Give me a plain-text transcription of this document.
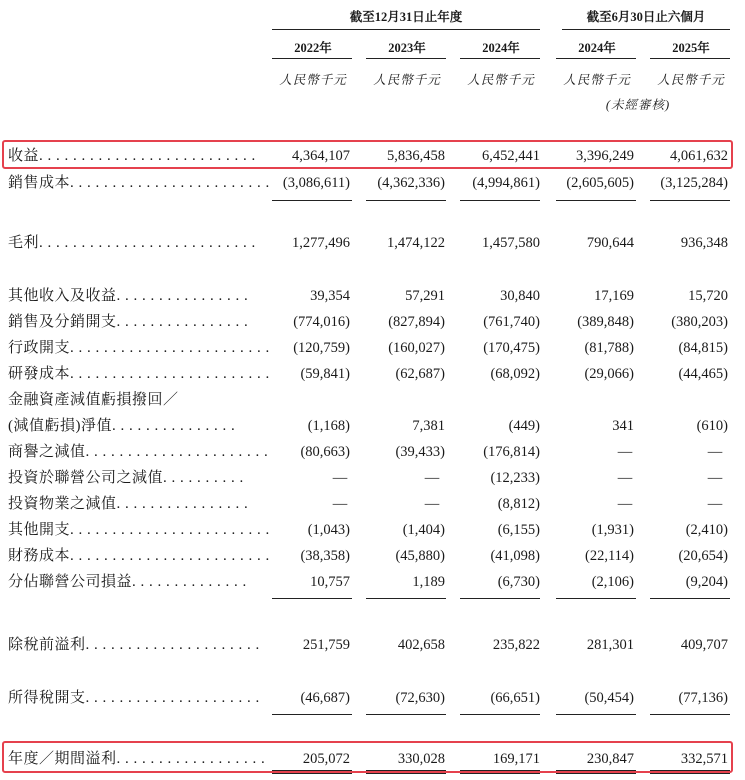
截至12月31日止年度	截至6月30日止六個月
2022年	2023年	2024年	2024年	2025年
人民幣千元	人民幣千元	人民幣千元	人民幣千元	人民幣千元
(未經審核)
收益. . . . . . . . . . . . . . . . . . . . . . . . . .	4,364,107	5,836,458	6,452,441	3,396,249	4,061,632
銷售成本. . . . . . . . . . . . . . . . . . . . . . . . (3,086,611)	(4,362,336)	(4,994,861)	(2,605,605)	(3,125,284)
毛利. . . . . . . . . . . . . . . . . . . . . . . . . .	1,277,496	1,474,122	1,457,580	790,644	936,348
其他收入及收益. . . . . . . . . . . . . . . .	39,354	57,291	30,840	17,169	15,720
銷售及分銷開支. . . . . . . . . . . . . . . .	(774,016)	(827,894)	(761,740)	(389,848)	(380,203)
行政開支. . . . . . . . . . . . . . . . . . . . . . . .	(120,759)	(160,027)	(170,475)	(81,788)	(84,815)
研發成本. . . . . . . . . . . . . . . . . . . . . . . .	(59,841)	(62,687)	(68,092)	(29,066)	(44,465)
金融資產減值虧損撥回／
(減值虧損)淨值. . . . . . . . . . . . . . .	(1,168)	7,381	(449)	341	(610)
商譽之減值. . . . . . . . . . . . . . . . . . . . . .	(80,663)	(39,433)	(176,814)	—	—
投資於聯營公司之減值. . . . . . . . . .	—	—	(12,233)	—	—
投資物業之減值. . . . . . . . . . . . . . . .	—	—	(8,812)	—	—
其他開支. . . . . . . . . . . . . . . . . . . . . . . .	(1,043)	(1,404)	(6,155)	(1,931)	(2,410)
財務成本. . . . . . . . . . . . . . . . . . . . . . . .	(38,358)	(45,880)	(41,098)	(22,114)	(20,654)
分佔聯營公司損益. . . . . . . . . . . . . .	10,757	1,189	(6,730)	(2,106)	(9,204)
除稅前溢利. . . . . . . . . . . . . . . . . . . . .	251,759	402,658	235,822	281,301	409,707
所得稅開支. . . . . . . . . . . . . . . . . . . . .	(46,687)	(72,630)	(66,651)	(50,454)	(77,136)
年度／期間溢利. . . . . . . . . . . . . . . . . .	205,072	330,028	169,171	230,847	332,571
